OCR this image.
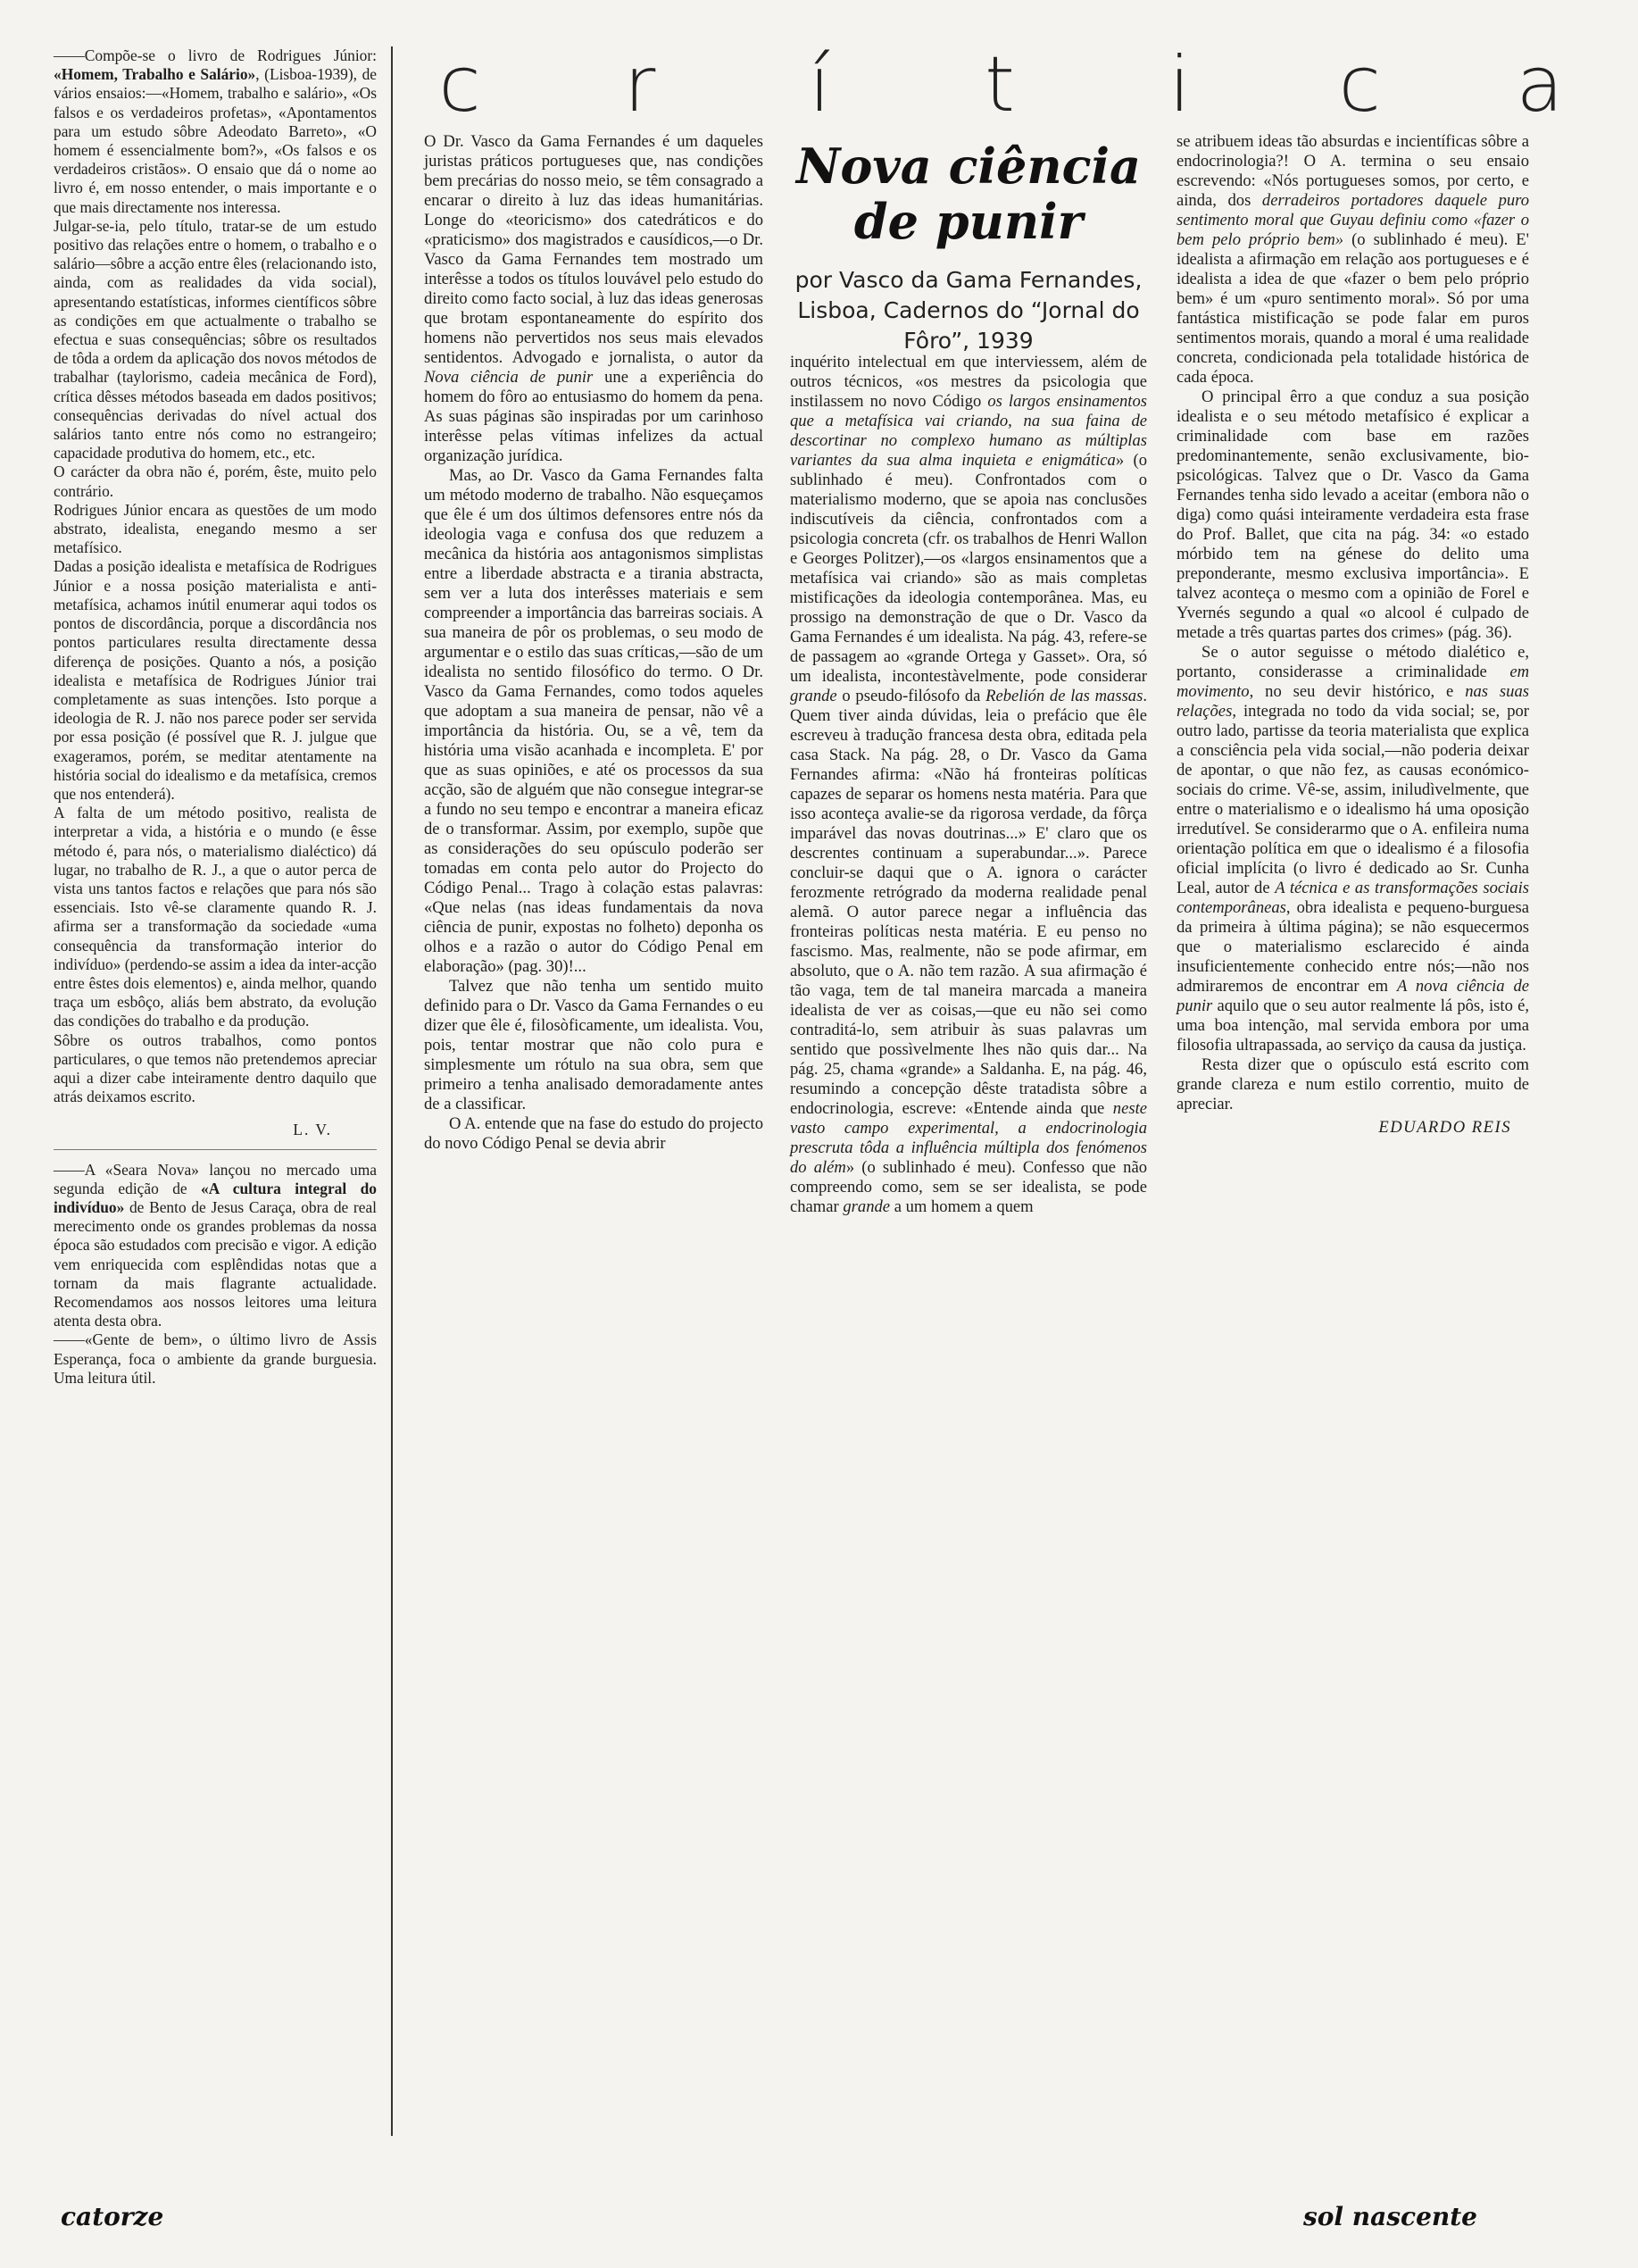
——Compõe-se o livro de Rodrigues Júnior: «Homem, Trabalho e Salário», (Lisboa-1939), de vários ensaios:—«Homem, trabalho e salário», «Os falsos e os verdadeiros profetas», «Apontamentos para um estudo sôbre Adeodato Barreto», «O homem é essencialmente bom?», «Os falsos e os verdadeiros cristãos». O ensaio que dá o nome ao livro é, em nosso entender, o mais importante e o que mais directamente nos interessa.

Julgar-se-ia, pelo título, tratar-se de um estudo positivo das relações entre o homem, o trabalho e o salário—sôbre a acção entre êles (relacionando isto, ainda, com as realidades da vida social), apresentando estatísticas, informes científicos sôbre as condições em que actualmente o trabalho se efectua e suas consequências; sôbre os resultados de tôda a ordem da aplicação dos novos métodos de trabalhar (taylorismo, cadeia mecânica de Ford), crítica dêsses métodos baseada em dados positivos; consequências derivadas do nível actual dos salários tanto entre nós como no estrangeiro; capacidade produtiva do homem, etc., etc.

O carácter da obra não é, porém, êste, muito pelo contrário.

Rodrigues Júnior encara as questões de um modo abstrato, idealista, enegando mesmo a ser metafísico.

Dadas a posição idealista e metafísica de Rodrigues Júnior e a nossa posição materialista e anti-metafísica, achamos inútil enumerar aqui todos os pontos de discordância, porque a discordância nos pontos particulares resulta directamente dessa diferença de posições. Quanto a nós, a posição idealista e metafísica de Rodrigues Júnior trai completamente as suas intenções. Isto porque a ideologia de R. J. não nos parece poder ser servida por essa posição (é possível que R. J. julgue que exageramos, porém, se meditar atentamente na história social do idealismo e da metafísica, cremos que nos entenderá).

A falta de um método positivo, realista de interpretar a vida, a história e o mundo (e êsse método é, para nós, o materialismo dialéctico) dá lugar, no trabalho de R. J., a que o autor perca de vista uns tantos factos e relações que para nós são essenciais. Isto vê-se claramente quando R. J. afirma ser a transformação da sociedade «uma consequência da transformação interior do indivíduo» (perdendo-se assim a idea da inter-acção entre êstes dois elementos) e, ainda melhor, quando traça um esbôço, aliás bem abstrato, da evolução das condições do trabalho e da produção.

Sôbre os outros trabalhos, como pontos particulares, o que temos não pretendemos apreciar aqui a dizer cabe inteiramente dentro daquilo que atrás deixamos escrito.

L. V.

——A «Seara Nova» lançou no mercado uma segunda edição de «A cultura integral do indivíduo» de Bento de Jesus Caraça, obra de real merecimento onde os grandes problemas da nossa época são estudados com precisão e vigor. A edição vem enriquecida com esplêndidas notas que a tornam da mais flagrante actualidade. Recomendamos aos nossos leitores uma leitura atenta desta obra.

——«Gente de bem», o último livro de Assis Esperança, foca o ambiente da grande burguesia. Uma leitura útil.

c	r	í	t	i	c a
Nova ciência
de punir
por Vasco da Gama Fernandes, Lisboa, Cadernos do “Jornal do Fôro”, 1939

O Dr. Vasco da Gama Fernandes é um daqueles juristas práticos portugueses que, nas condições bem precárias do nosso meio, se têm consagrado a encarar o direito à luz das ideas humanitárias. Longe do «teoricismo» dos catedráticos e do «praticismo» dos magistrados e causídicos,—o Dr. Vasco da Gama Fernandes tem mostrado um interêsse a todos os títulos louvável pelo estudo do direito como facto social, à luz das ideas generosas que brotam espontaneamente do espírito dos homens não pervertidos nos seus mais elevados sentidentos. Advogado e jornalista, o autor da Nova ciência de punir une a experiência do homem do fôro ao entusiasmo do homem da pena. As suas páginas são inspiradas por um carinhoso interêsse pelas vítimas infelizes da actual organização jurídica.

Mas, ao Dr. Vasco da Gama Fernandes falta um método moderno de trabalho. Não esqueçamos que êle é um dos últimos defensores entre nós da ideologia vaga e confusa dos que reduzem a mecânica da história aos antagonismos simplistas entre a liberdade abstracta e a tirania abstracta, sem ver a luta dos interêsses materiais e sem compreender a importância das barreiras sociais. A sua maneira de pôr os problemas, o seu modo de argumentar e o estilo das suas críticas,—são de um idealista no sentido filosófico do termo. O Dr. Vasco da Gama Fernandes, como todos aqueles que adoptam a sua maneira de pensar, não vê a importância da história. Ou, se a vê, tem da história uma visão acanhada e incompleta. E' por que as suas opiniões, e até os processos da sua acção, são de alguém que não consegue integrar-se a fundo no seu tempo e encontrar a maneira eficaz de o transformar. Assim, por exemplo, supõe que as considerações do seu opúsculo poderão ser tomadas em conta pelo autor do Projecto do Código Penal... Trago à colação estas palavras: «Que nelas (nas ideas fundamentais da nova ciência de punir, expostas no folheto) deponha os olhos e a razão o autor do Código Penal em elaboração» (pag. 30)!...

Talvez que não tenha um sentido muito definido para o Dr. Vasco da Gama Fernandes o eu dizer que êle é, filosòficamente, um idealista. Vou, pois, tentar mostrar que não colo pura e simplesmente um rótulo na sua obra, sem que primeiro a tenha analisado demoradamente antes de a classificar.

O A. entende que na fase do estudo do projecto do novo Código Penal se devia abrir

inquérito intelectual em que interviessem, além de outros técnicos, «os mestres da psicologia que instilassem no novo Código os largos ensinamentos que a metafísica vai criando, na sua faina de descortinar no complexo humano as múltiplas variantes da sua alma inquieta e enigmática» (o sublinhado é meu). Confrontados com o materialismo moderno, que se apoia nas conclusões indiscutíveis da ciência, confrontados com a psicologia concreta (cfr. os trabalhos de Henri Wallon e Georges Politzer),—os «largos ensinamentos que a metafísica vai criando» são as mais completas mistificações da ideologia contemporânea. Mas, eu prossigo na demonstração de que o Dr. Vasco da Gama Fernandes é um idealista. Na pág. 43, refere-se de passagem ao «grande Ortega y Gasset». Ora, só um idealista, incontestàvelmente, pode considerar grande o pseudo-filósofo da Rebelión de las massas. Quem tiver ainda dúvidas, leia o prefácio que êle escreveu à tradução francesa desta obra, editada pela casa Stack. Na pág. 28, o Dr. Vasco da Gama Fernandes afirma: «Não há fronteiras políticas capazes de separar os homens nesta matéria. Para que isso aconteça avalie-se da rigorosa verdade, da fôrça imparável das novas doutrinas...» E' claro que os descrentes continuam a superabundar...». Parece concluir-se daqui que o A. ignora o carácter ferozmente retrógrado da moderna realidade penal alemã. O autor parece negar a influência das fronteiras políticas nesta matéria. E eu penso no fascismo. Mas, realmente, não se pode afirmar, em absoluto, que o A. não tem razão. A sua afirmação é tão vaga, tem de tal maneira marcada a maneira idealista de ver as coisas,—que eu não sei como contraditá-lo, sem atribuir às suas palavras um sentido que possìvelmente lhes não quis dar... Na pág. 25, chama «grande» a Saldanha. E, na pág. 46, resumindo a concepção dêste tratadista sôbre a endocrinologia, escreve: «Entende ainda que neste vasto campo experimental, a endocrinologia prescruta tôda a influência múltipla dos fenómenos do além» (o sublinhado é meu). Confesso que não compreendo como, sem se ser idealista, se pode chamar grande a um homem a quem

se atribuem ideas tão absurdas e incientíficas sôbre a endocrinologia?! O A. termina o seu ensaio escrevendo: «Nós portugueses somos, por certo, e ainda, dos derradeiros portadores daquele puro sentimento moral que Guyau definiu como «fazer o bem pelo próprio bem» (o sublinhado é meu). E' idealista a afirmação em relação aos portugueses e é idealista a idea de que «fazer o bem pelo próprio bem» é um «puro sentimento moral». Só por uma fantástica mistificação se pode falar em puros sentimentos morais, quando a moral é uma realidade concreta, condicionada pela totalidade histórica de cada época.

O principal êrro a que conduz a sua posição idealista e o seu método metafísico é explicar a criminalidade com base em razões predominantemente, senão exclusivamente, bio-psicológicas. Talvez que o Dr. Vasco da Gama Fernandes tenha sido levado a aceitar (embora não o diga) como quási inteiramente verdadeira esta frase do Prof. Ballet, que cita na pág. 34: «o estado mórbido tem na génese do delito uma preponderante, mesmo exclusiva importância». E talvez aconteça o mesmo com a opinião de Forel e Yvernés segundo a qual «o alcool é culpado de metade a três quartas partes dos crimes» (pág. 36).

Se o autor seguisse o método dialético e, portanto, considerasse a criminalidade em movimento, no seu devir histórico, e nas suas relações, integrada no todo da vida social; se, por outro lado, partisse da teoria materialista que explica a consciência pela vida social,—não poderia deixar de apontar, o que não fez, as causas económico-sociais do crime. Vê-se, assim, iniludìvelmente, que entre o materialismo e o idealismo há uma oposição irredutível. Se considerarmo que o A. enfileira numa orientação política em que o idealismo é a filosofia oficial implícita (o livro é dedicado ao Sr. Cunha Leal, autor de A técnica e as transformações sociais contemporâneas, obra idealista e pequeno-burguesa da primeira à última página); se não esquecermos que o materialismo esclarecido é ainda insuficientemente conhecido entre nós;—não nos admiraremos de encontrar em A nova ciência de punir aquilo que o seu autor realmente lá pôs, isto é, uma boa intenção, mal servida embora por uma filosofia ultrapassada, ao serviço da causa da justiça.

Resta dizer que o opúsculo está escrito com grande clareza e num estilo correntio, muito de apreciar.

EDUARDO REIS

catorze	sol nascente
